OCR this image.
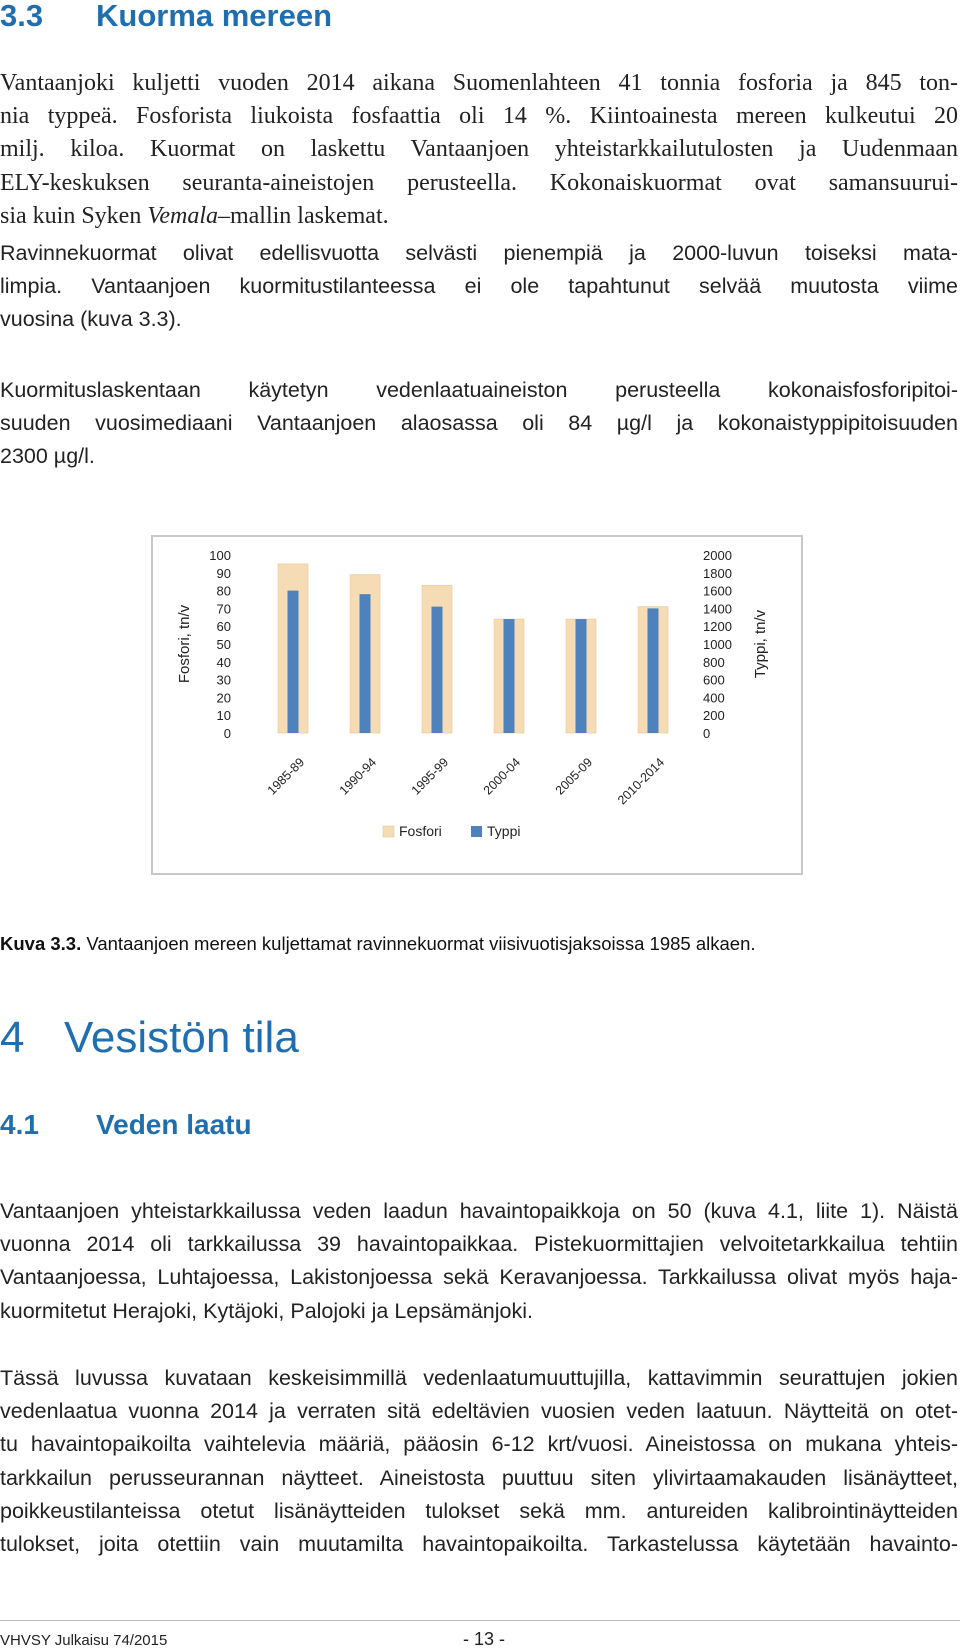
3.3 Kuorma mereen
Vantaanjoki kuljetti vuoden 2014 aikana Suomenlahteen 41 tonnia fosforia ja 845 ton-
nia typpeä. Fosforista liukoista fosfaattia oli 14 %. Kiintoainesta mereen kulkeutui 20
milj. kiloa. Kuormat on laskettu Vantaanjoen yhteistarkkailutulosten ja Uudenmaan
ELY-keskuksen seuranta-aineistojen perusteella. Kokonaiskuormat ovat samansuurui-
sia kuin Syken Vemala–mallin laskemat.
Ravinnekuormat olivat edellisvuotta selvästi pienempiä ja 2000-luvun toiseksi mata-
limpia. Vantaanjoen kuormitustilanteessa ei ole tapahtunut selvää muutosta viime
vuosina (kuva 3.3).
Kuormituslaskentaan käytetyn vedenlaatuaineiston perusteella kokonaisfosforipitoi-
suuden vuosimediaani Vantaanjoen alaosassa oli 84 µg/l ja kokonaistyppipitoisuuden
2300 µg/l.
0
10
20
30
40
50
60
70
80
90
100
0
200
400
600
800
1000
1200
1400
1600
1800
2000
Fosfori, tn/v	Typpi, tn/v
1985-89 1990-94 1995-99 2000-04 2005-09 2010-2014
Fosfori	Typpi
Kuva 3.3. Vantaanjoen mereen kuljettamat ravinnekuormat viisivuotisjaksoissa 1985 alkaen.
4 Vesistön tila
4.1 Veden laatu
Vantaanjoen yhteistarkkailussa veden laadun havaintopaikkoja on 50 (kuva 4.1, liite 1). Näistä
vuonna 2014 oli tarkkailussa 39 havaintopaikkaa. Pistekuormittajien velvoitetarkkailua tehtiin
Vantaanjoessa, Luhtajoessa, Lakistonjoessa sekä Keravanjoessa. Tarkkailussa olivat myös haja-
kuormitetut Herajoki, Kytäjoki, Palojoki ja Lepsämänjoki.
Tässä luvussa kuvataan keskeisimmillä vedenlaatumuuttujilla, kattavimmin seurattujen jokien
vedenlaatua vuonna 2014 ja verraten sitä edeltävien vuosien veden laatuun. Näytteitä on otet-
tu havaintopaikoilta vaihtelevia määriä, pääosin 6-12 krt/vuosi. Aineistossa on mukana yhteis-
tarkkailun perusseurannan näytteet. Aineistosta puuttuu siten ylivirtaamakauden lisänäytteet,
poikkeustilanteissa otetut lisänäytteiden tulokset sekä mm. antureiden kalibrointinäytteiden
tulokset, joita otettiin vain muutamilta havaintopaikoilta. Tarkastelussa käytetään havainto-
VHVSY Julkaisu 74/2015	- 13 -
